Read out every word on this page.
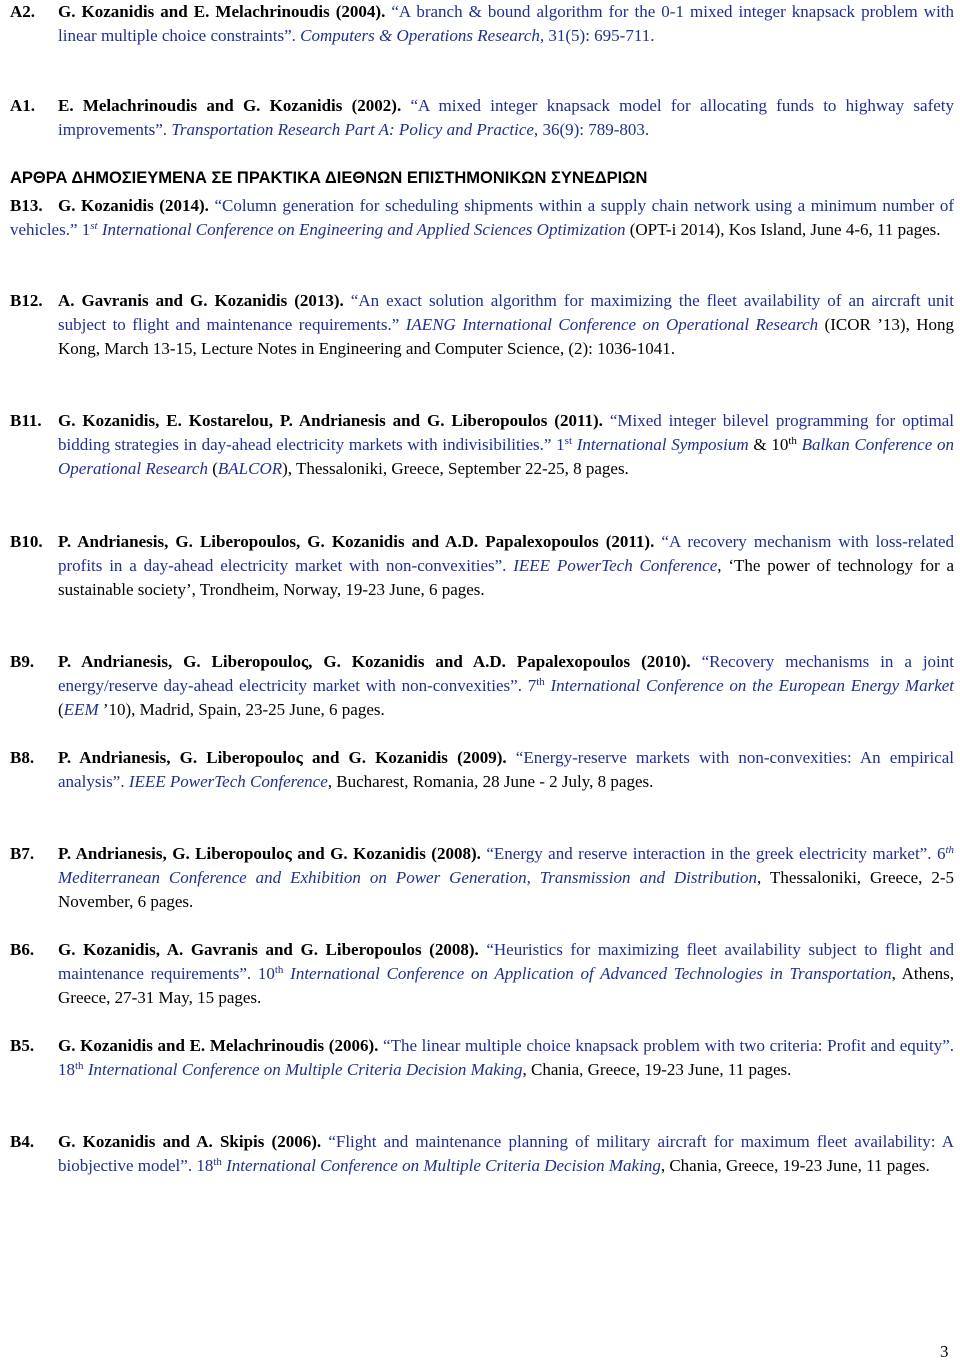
A2. G. Kozanidis and E. Melachrinoudis (2004). “A branch & bound algorithm for the 0-1 mixed integer knapsack problem with linear multiple choice constraints”. Computers & Operations Research, 31(5): 695-711.
A1. E. Melachrinoudis and G. Kozanidis (2002). “A mixed integer knapsack model for allocating funds to highway safety improvements”. Transportation Research Part A: Policy and Practice, 36(9): 789-803.
ΑΡΘΡΑ ΔΗΜΟΣΙΕΥΜΕΝΑ ΣΕ ΠΡΑΚΤΙΚΑ ΔΙΕΘΝΩΝ ΕΠΙΣΤΗΜΟΝΙΚΩΝ ΣΥΝΕΔΡΙΩΝ
B13. G. Kozanidis (2014). “Column generation for scheduling shipments within a supply chain network using a minimum number of vehicles.” 1st International Conference on Engineering and Applied Sciences Optimization (OPT-i 2014), Kos Island, June 4-6, 11 pages.
B12. A. Gavranis and G. Kozanidis (2013). “An exact solution algorithm for maximizing the fleet availability of an aircraft unit subject to flight and maintenance requirements.” IAENG International Conference on Operational Research (ICOR ’13), Hong Kong, March 13-15, Lecture Notes in Engineering and Computer Science, (2): 1036-1041.
B11. G. Kozanidis, E. Kostarelou, P. Andrianesis and G. Liberopoulos (2011). “Mixed integer bilevel programming for optimal bidding strategies in day-ahead electricity markets with indivisibilities.” 1st International Symposium & 10th Balkan Conference on Operational Research (BALCOR), Thessaloniki, Greece, September 22-25, 8 pages.
B10. P. Andrianesis, G. Liberopoulos, G. Kozanidis and A.D. Papalexopoulos (2011). “A recovery mechanism with loss-related profits in a day-ahead electricity market with non-convexities”. IEEE PowerTech Conference, ‘The power of technology for a sustainable society’, Trondheim, Norway, 19-23 June, 6 pages.
B9. P. Andrianesis, G. Liberopoulος, G. Kozanidis and A.D. Papalexopoulos (2010). “Recovery mechanisms in a joint energy/reserve day-ahead electricity market with non-convexities”. 7th International Conference on the European Energy Market (EEM ’10), Madrid, Spain, 23-25 June, 6 pages.
B8. P. Andrianesis, G. Liberopoulος and G. Kozanidis (2009). “Energy-reserve markets with non-convexities: An empirical analysis”. IEEE PowerTech Conference, Bucharest, Romania, 28 June - 2 July, 8 pages.
B7. P. Andrianesis, G. Liberopoulος and G. Kozanidis (2008). “Energy and reserve interaction in the greek electricity market”. 6th Mediterranean Conference and Exhibition on Power Generation, Transmission and Distribution, Thessaloniki, Greece, 2-5 November, 6 pages.
B6. G. Kozanidis, A. Gavranis and G. Liberopoulos (2008). “Heuristics for maximizing fleet availability subject to flight and maintenance requirements”. 10th International Conference on Application of Advanced Technologies in Transportation, Athens, Greece, 27-31 May, 15 pages.
B5. G. Kozanidis and E. Melachrinoudis (2006). “The linear multiple choice knapsack problem with two criteria: Profit and equity”. 18th International Conference on Multiple Criteria Decision Making, Chania, Greece, 19-23 June, 11 pages.
B4. G. Kozanidis and A. Skipis (2006). “Flight and maintenance planning of military aircraft for maximum fleet availability: A biobjective model”. 18th International Conference on Multiple Criteria Decision Making, Chania, Greece, 19-23 June, 11 pages.
3
